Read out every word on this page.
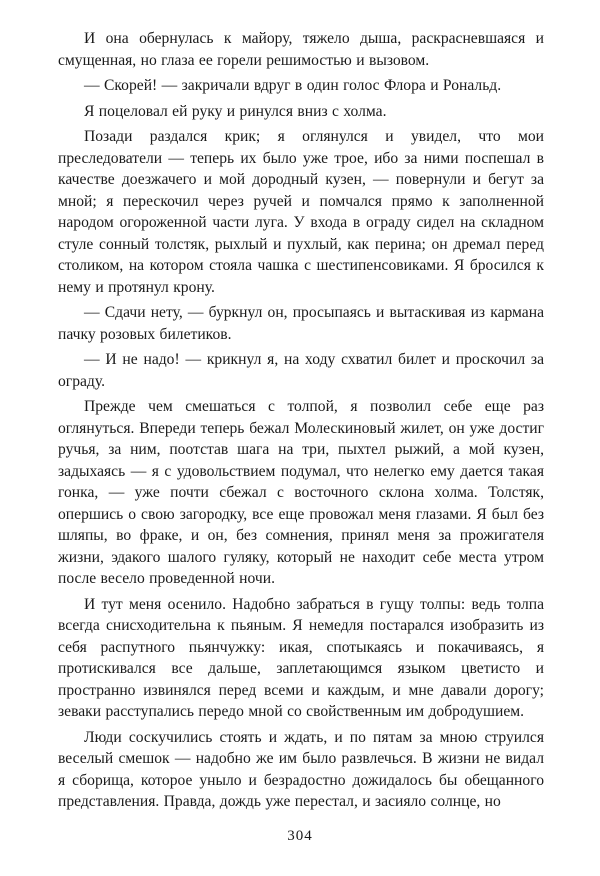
И она обернулась к майору, тяжело дыша, раскрасневшаяся и смущенная, но глаза ее горели решимостью и вызовом.

— Скорей! — закричали вдруг в один голос Флора и Рональд.

Я поцеловал ей руку и ринулся вниз с холма.

Позади раздался крик; я оглянулся и увидел, что мои преследователи — теперь их было уже трое, ибо за ними поспешал в качестве доезжачего и мой дородный кузен, — повернули и бегут за мной; я перескочил через ручей и помчался прямо к заполненной народом огороженной части луга. У входа в ограду сидел на складном стуле сонный толстяк, рыхлый и пухлый, как перина; он дремал перед столиком, на котором стояла чашка с шестипенсовиками. Я бросился к нему и протянул крону.

— Сдачи нету, — буркнул он, просыпаясь и вытаскивая из кармана пачку розовых билетиков.

— И не надо! — крикнул я, на ходу схватил билет и проскочил за ограду.

Прежде чем смешаться с толпой, я позволил себе еще раз оглянуться. Впереди теперь бежал Молескиновый жилет, он уже достиг ручья, за ним, поотстав шага на три, пыхтел рыжий, а мой кузен, задыхаясь — я с удовольствием подумал, что нелегко ему дается такая гонка, — уже почти сбежал с восточного склона холма. Толстяк, опершись о свою загородку, все еще провожал меня глазами. Я был без шляпы, во фраке, и он, без сомнения, принял меня за прожигателя жизни, эдакого шалого гуляку, который не находит себе места утром после весело проведенной ночи.

И тут меня осенило. Надобно забраться в гущу толпы: ведь толпа всегда снисходительна к пьяным. Я немедля постарался изобразить из себя распутного пьянчужку: икая, спотыкаясь и покачиваясь, я протискивался все дальше, заплетающимся языком цветисто и пространно извинялся перед всеми и каждым, и мне давали дорогу; зеваки расступались передо мной со свойственным им добродушием.

Люди соскучились стоять и ждать, и по пятам за мною струился веселый смешок — надобно же им было развлечься. В жизни не видал я сборища, которое уныло и безрадостно дожидалось бы обещанного представления. Правда, дождь уже перестал, и засияло солнце, но

304
